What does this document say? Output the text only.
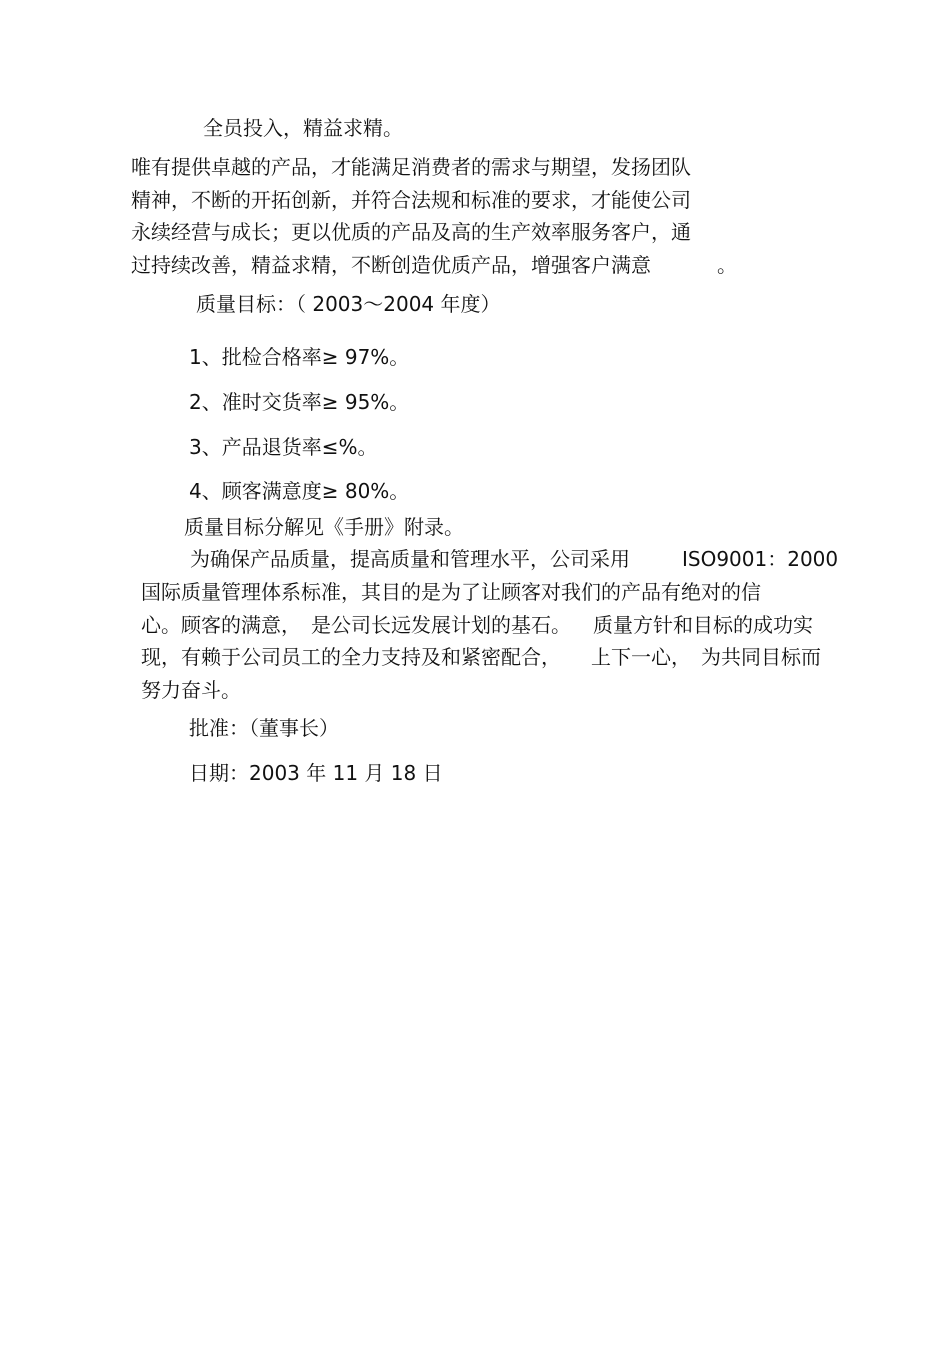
全员投入，精益求精。
唯有提供卓越的产品，才能满足消费者的需求与期望，发扬团队
精神，不断的开拓创新，并符合法规和标准的要求，才能使公司
永续经营与成长；更以优质的产品及高的生产效率服务客户，通
过持续改善，精益求精，不断创造优质产品，增强客户满意	。
质量目标：（ 2003～2004 年度）
1、批检合格率≥ 97%。
2、准时交货率≥ 95%。
3、产品退货率≤%。
4、顾客满意度≥ 80%。
质量目标分解见《手册》附录。
为确保产品质量，提高质量和管理水平，公司采用	ISO9001：2000
国际质量管理体系标准，其目的是为了让顾客对我们的产品有绝对的信
心。顾客的满意， 是公司长远发展计划的基石。 质量方针和目标的成功实
现，有赖于公司员工的全力支持及和紧密配合， 上下一心， 为共同目标而
努力奋斗。
批准：（董事长）
日期：2003 年 11 月 18 日
